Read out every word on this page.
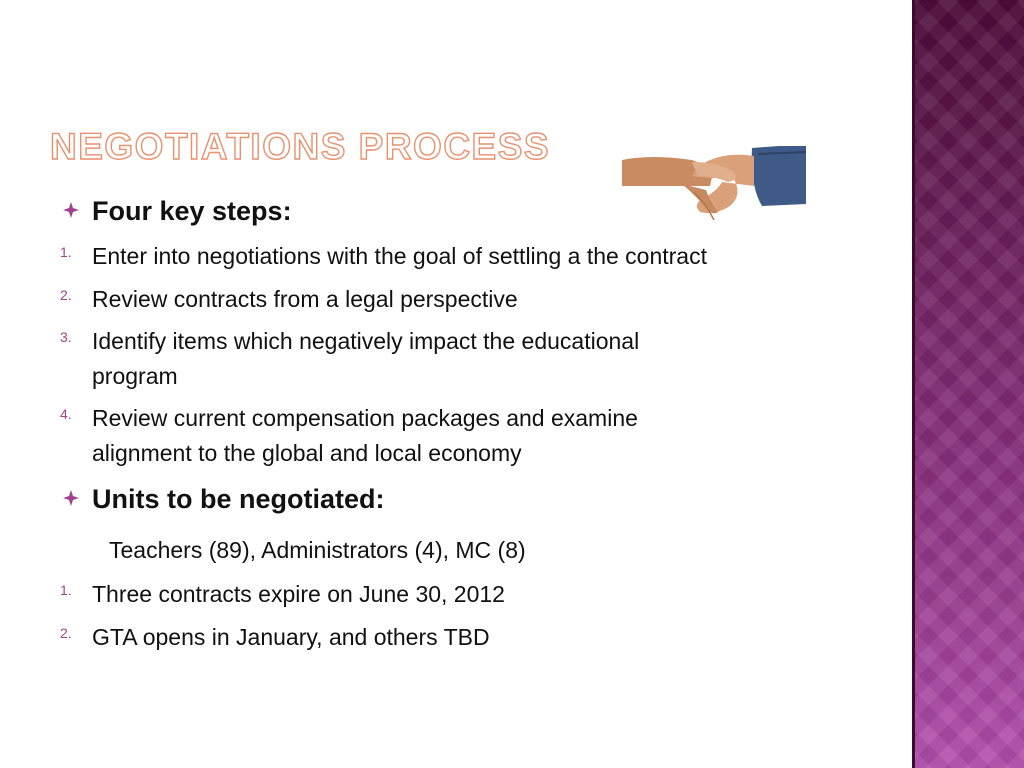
NEGOTIATIONS PROCESS
Four key steps:
1. Enter into negotiations with the goal of settling a the contract
2. Review contracts from a legal perspective
3. Identify items which negatively impact the educational
program
4. Review current compensation packages and examine
alignment to the global and local economy
Units to be negotiated:
Teachers (89), Administrators (4), MC (8)
1. Three contracts expire on June 30, 2012
2. GTA opens in January, and others TBD
